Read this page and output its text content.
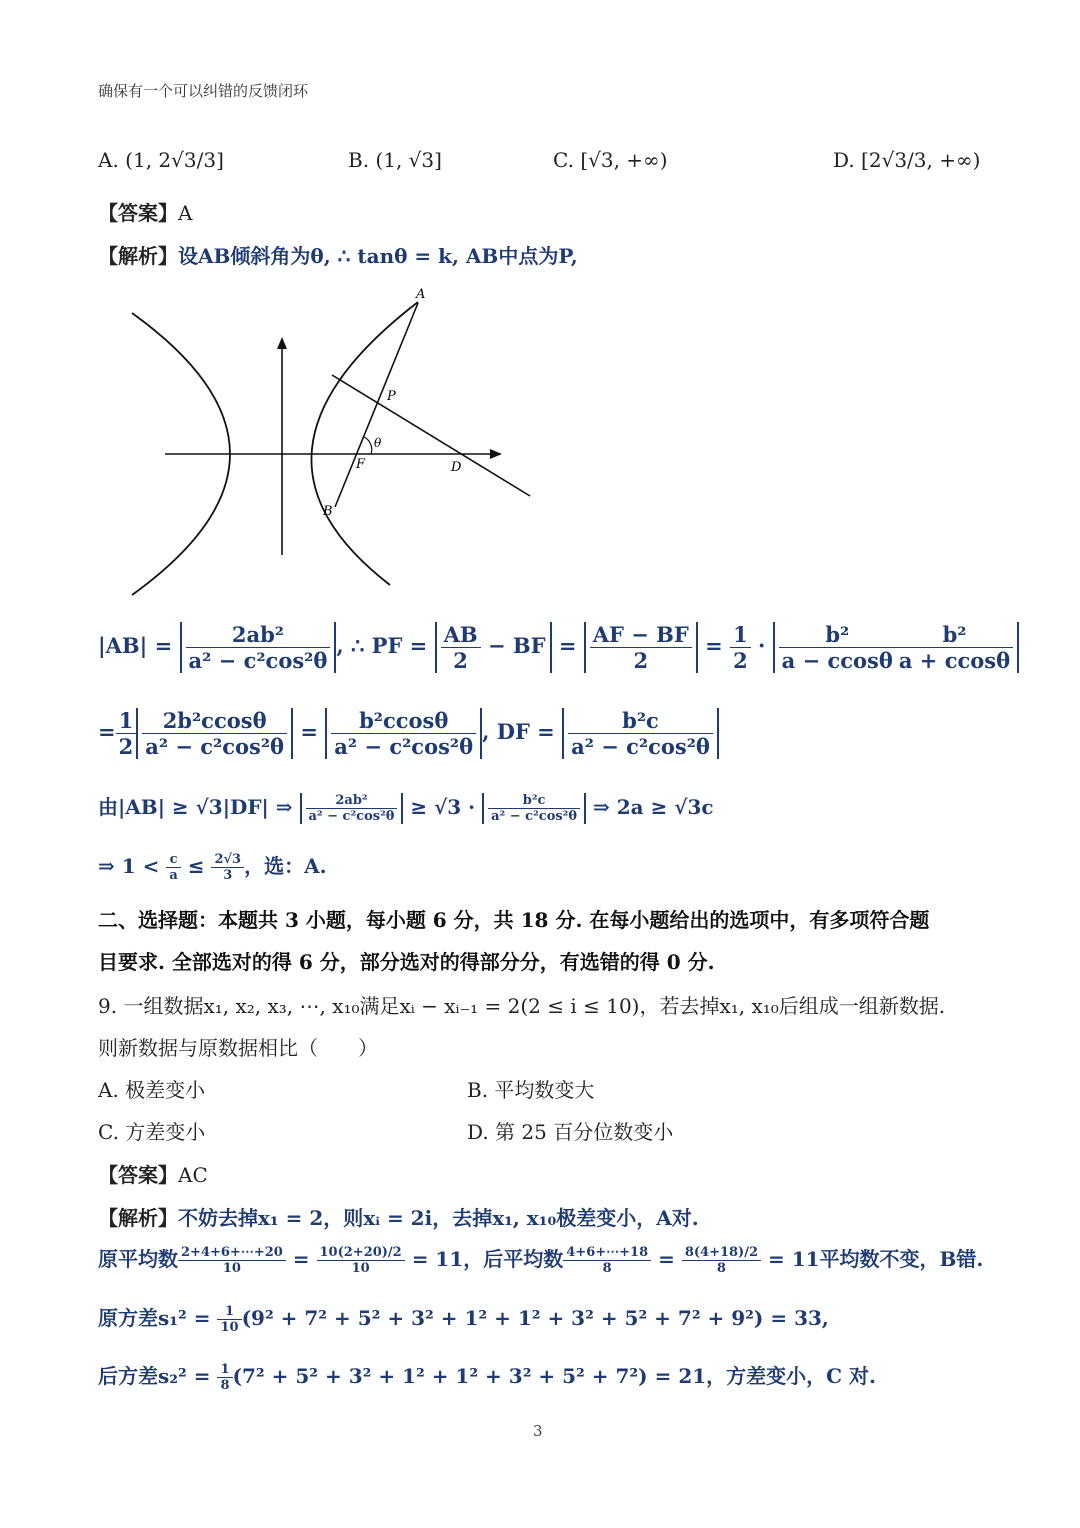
确保有一个可以纠错的反馈闭环
A. (1, 2√3/3]	B. (1, √3]	C. [√3, +∞)	D. [2√3/3, +∞)
【答案】A
【解析】设AB倾斜角为θ, ∴ tanθ = k, AB中点为P,
A
P
θ
F	D
B
$|AB| = \frac{\text{2ab²}}{\text{a² − c²cos²θ}}$ , ∴ PF = $\frac{AB}{2}$ − BF = $\frac{AF - BF}{2} = \frac{1}{2} \cdot \frac{\text{b²}}{a - ccos\theta} \frac{\text{b²}}{a + ccos\theta}$
= $\frac{1}{2} \frac{\text{2b²ccosθ}}{\text{a² − c²cos²θ}} = \frac{\text{b²ccosθ}}{\text{a² − c²cos²θ}}$ , DF = $\frac{\text{b²c}}{\text{a² − c²cos²θ}}$
由|AB| ≥ √3|DF| ⇒ $\frac{\text{2ab²}}{\text{a² − c²cos²θ}} \ge √3 \cdot \frac{\text{b²c}}{\text{a² − c²cos²θ}}$ ⇒ 2a ≥ √3c
⇒ $1 < \frac{c}{a} \le \frac{2√3}{3}$ ，选：A.
二、选择题：本题共 3 小题，每小题 6 分，共 18 分. 在每小题给出的选项中，有多项符合题
目要求. 全部选对的得 6 分，部分选对的得部分分，有选错的得 0 分.
9. 一组数据x₁, x₂, x₃, ⋯, x₁₀满足xᵢ − xᵢ₋₁ = 2(2 ≤ i ≤ 10)，若去掉x₁, x₁₀后组成一组新数据.
则新数据与原数据相比（　　）
A. 极差变小	B. 平均数变大
C. 方差变小	D. 第 25 百分位数变小
【答案】AC
【解析】不妨去掉x₁ = 2，则xᵢ = 2i，去掉x₁, x₁₀极差变小，A对.
原平均数 $\frac{2+4+6+\cdots+20}{10} = \frac{10(2+20)/2}{10} = 11$，后平均数 $\frac{4+6+\cdots+18}{8} = \frac{8(4+18)/2}{8} = 11$平均数不变，B错.
原方差$s_1^2 = \frac{1}{10} (9^2 + 7^2 + 5^2 + 3^2 + 1^2 + 1^2 + 3^2 + 5^2 + 7^2 + 9^2) = 33$,
后方差$s_2^2 = \frac{1}{8} (7^2 + 5^2 + 3^2 + 1^2 + 1^2 + 3^2 + 5^2 + 7^2) = 21$，方差变小，C 对.
3
